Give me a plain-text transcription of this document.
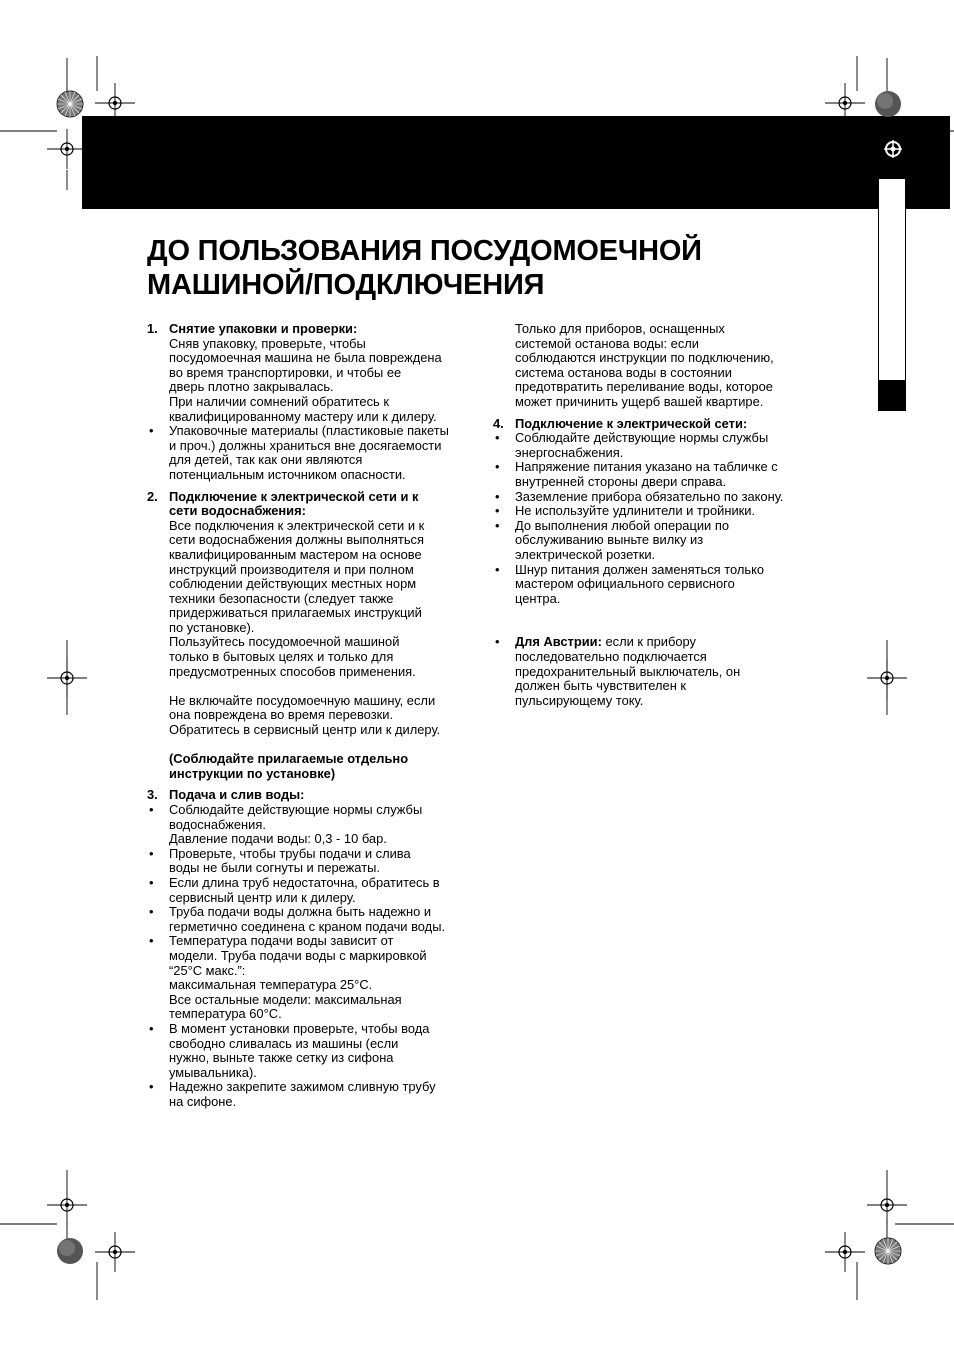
ДО ПОЛЬЗОВАНИЯ ПОСУДОМОЕЧНОЙ
МАШИНОЙ/ПОДКЛЮЧЕНИЯ
1. Снятие упаковки и проверки:
Сняв упаковку, проверьте, чтобы
посудомоечная машина не была повреждена
во время транспортировки, и чтобы ее
дверь плотно закрывалась.
При наличии сомнений обратитесь к
квалифицированному мастеру или к дилеру.
• Упаковочные материалы (пластиковые пакеты
и проч.) должны храниться вне досягаемости
для детей, так как они являются
потенциальным источником опасности.
2. Подключение к электрической сети и к
сети водоснабжения:
Все подключения к электрической сети и к
сети водоснабжения должны выполняться
квалифицированным мастером на основе
инструкций производителя и при полном
соблюдении действующих местных норм
техники безопасности (следует также
придерживаться прилагаемых инструкций
по установке).
Пользуйтесь посудомоечной машиной
только в бытовых целях и только для
предусмотренных способов применения.
Не включайте посудомоечную машину, если
она повреждена во время перевозки.
Обратитесь в сервисный центр или к дилеру.
(Соблюдайте прилагаемые отдельно
инструкции по установке)
3. Подача и слив воды:
• Соблюдайте действующие нормы службы
водоснабжения.
Давление подачи воды: 0,3 - 10 бар.
• Проверьте, чтобы трубы подачи и слива
воды не были согнуты и пережаты.
• Если длина труб недостаточна, обратитесь в
сервисный центр или к дилеру.
• Труба подачи воды должна быть надежно и
герметично соединена с краном подачи воды.
• Температура подачи воды зависит от
модели. Труба подачи воды с маркировкой
“25°С макс.”:
максимальная температура 25°С.
Все остальные модели: максимальная
температура 60°С.
• В момент установки проверьте, чтобы вода
свободно сливалась из машины (если
нужно, выньте также сетку из сифона
умывальника).
• Надежно закрепите зажимом сливную трубу
на сифоне.
Только для приборов, оснащенных
системой останова воды: если
соблюдаются инструкции по подключению,
система останова воды в состоянии
предотвратить переливание воды, которое
может причинить ущерб вашей квартире.
4. Подключение к электрической сети:
• Соблюдайте действующие нормы службы
энергоснабжения.
• Напряжение питания указано на табличке с
внутренней стороны двери справа.
• Заземление прибора обязательно по закону.
• Не используйте удлинители и тройники.
• До выполнения любой операции по
обслуживанию выньте вилку из
электрической розетки.
• Шнур питания должен заменяться только
мастером официального сервисного
центра.
• Для Австрии: если к прибору
последовательно подключается
предохранительный выключатель, он
должен быть чувствителен к
пульсирующему току.
